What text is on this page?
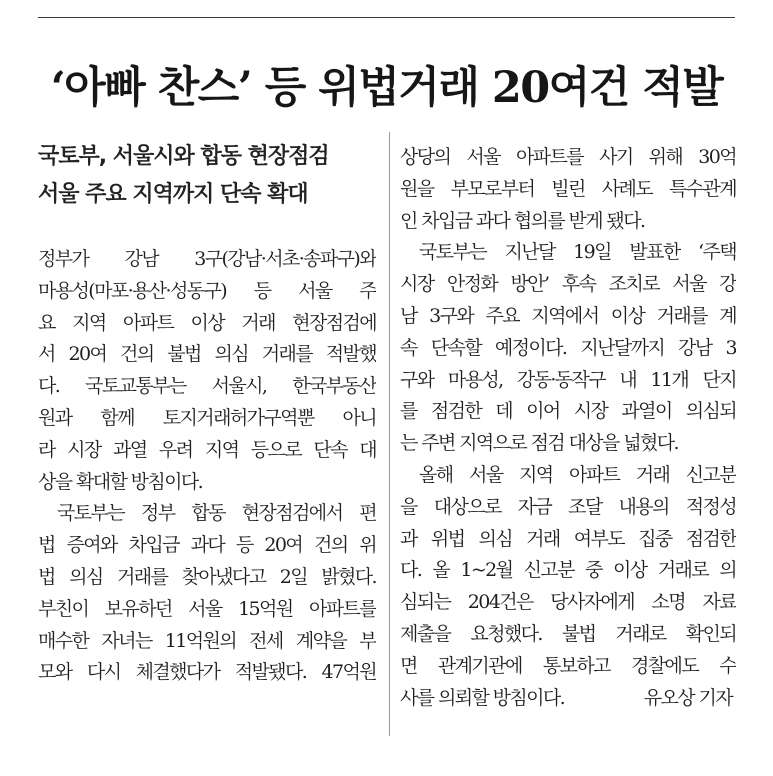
‘아빠 찬스’ 등 위법거래 20여건 적발
국토부, 서울시와 합동 현장점검
서울 주요 지역까지 단속 확대
정부가 강남 3구(강남·서초·송파구)와
마용성(마포·용산·성동구) 등 서울 주
요 지역 아파트 이상 거래 현장점검에
서 20여 건의 불법 의심 거래를 적발했
다. 국토교통부는 서울시, 한국부동산
원과 함께 토지거래허가구역뿐 아니
라 시장 과열 우려 지역 등으로 단속 대
상을 확대할 방침이다.
국토부는 정부 합동 현장점검에서 편
법 증여와 차입금 과다 등 20여 건의 위
법 의심 거래를 찾아냈다고 2일 밝혔다.
부친이 보유하던 서울 15억원 아파트를
매수한 자녀는 11억원의 전세 계약을 부
모와 다시 체결했다가 적발됐다. 47억원
상당의 서울 아파트를 사기 위해 30억
원을 부모로부터 빌린 사례도 특수관계
인 차입금 과다 협의를 받게 됐다.
국토부는 지난달 19일 발표한 ‘주택
시장 안정화 방안’ 후속 조치로 서울 강
남 3구와 주요 지역에서 이상 거래를 계
속 단속할 예정이다. 지난달까지 강남 3
구와 마용성, 강동·동작구 내 11개 단지
를 점검한 데 이어 시장 과열이 의심되
는 주변 지역으로 점검 대상을 넓혔다.
올해 서울 지역 아파트 거래 신고분
을 대상으로 자금 조달 내용의 적정성
과 위법 의심 거래 여부도 집중 점검한
다. 올 1~2월 신고분 중 이상 거래로 의
심되는 204건은 당사자에게 소명 자료
제출을 요청했다. 불법 거래로 확인되
면 관계기관에 통보하고 경찰에도 수
사를 의뢰할 방침이다.	유오상 기자
